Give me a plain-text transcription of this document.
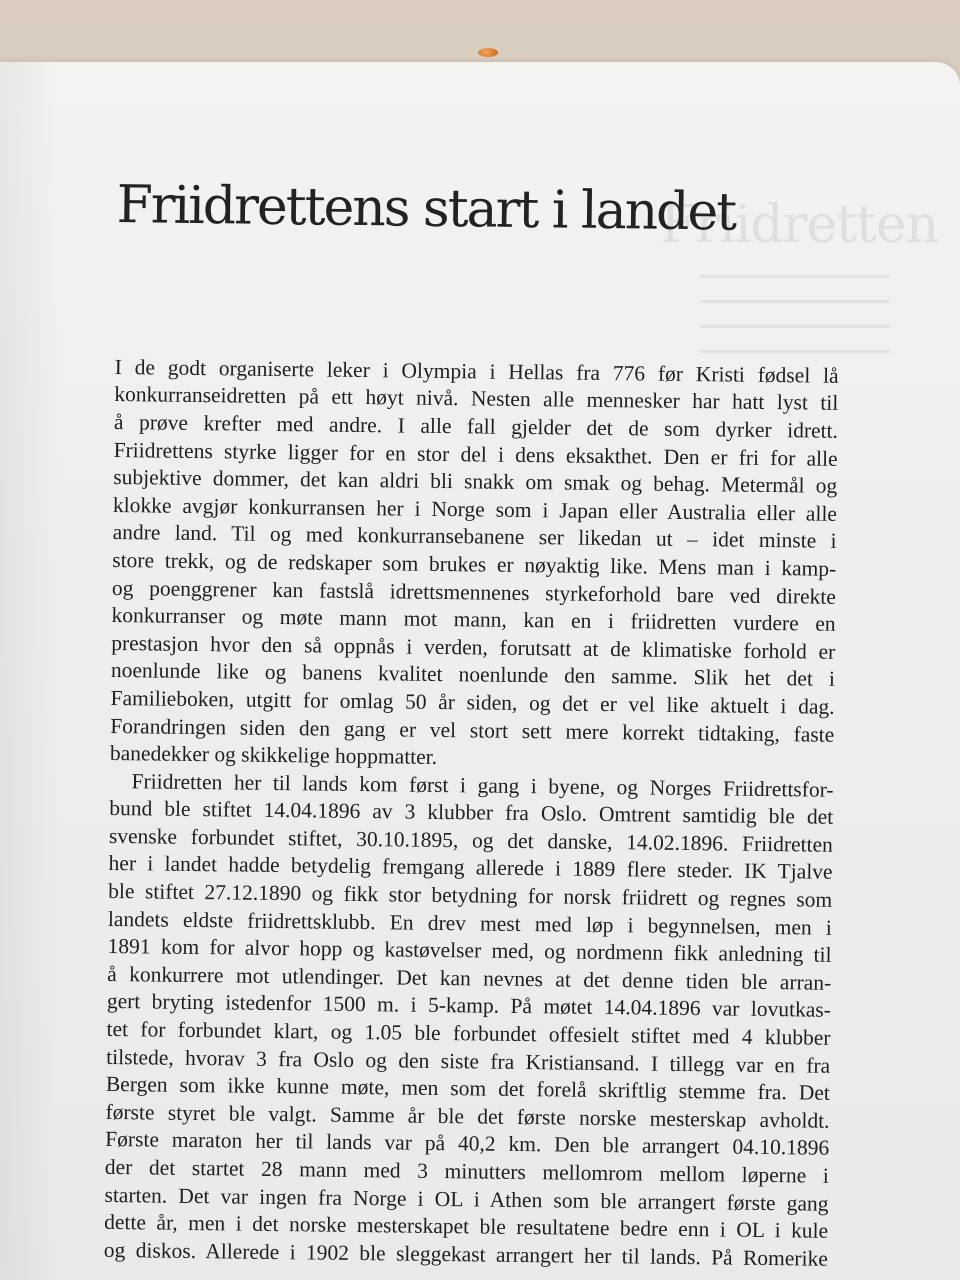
Friidretten
Friidrettens start i landet
I de godt organiserte leker i Olympia i Hellas fra 776 før Kristi fødsel lå
konkurranseidretten på ett høyt nivå. Nesten alle mennesker har hatt lyst til
å prøve krefter med andre. I alle fall gjelder det de som dyrker idrett.
Friidrettens styrke ligger for en stor del i dens eksakthet. Den er fri for alle
subjektive dommer, det kan aldri bli snakk om smak og behag. Metermål og
klokke avgjør konkurransen her i Norge som i Japan eller Australia eller alle
andre land. Til og med konkurransebanene ser likedan ut – idet minste i
store trekk, og de redskaper som brukes er nøyaktig like. Mens man i kamp-
og poenggrener kan fastslå idrettsmennenes styrkeforhold bare ved direkte
konkurranser og møte mann mot mann, kan en i friidretten vurdere en
prestasjon hvor den så oppnås i verden, forutsatt at de klimatiske forhold er
noenlunde like og banens kvalitet noenlunde den samme. Slik het det i
Familieboken, utgitt for omlag 50 år siden, og det er vel like aktuelt i dag.
Forandringen siden den gang er vel stort sett mere korrekt tidtaking, faste
banedekker og skikkelige hoppmatter.
Friidretten her til lands kom først i gang i byene, og Norges Friidrettsfor-
bund ble stiftet 14.04.1896 av 3 klubber fra Oslo. Omtrent samtidig ble det
svenske forbundet stiftet, 30.10.1895, og det danske, 14.02.1896. Friidretten
her i landet hadde betydelig fremgang allerede i 1889 flere steder. IK Tjalve
ble stiftet 27.12.1890 og fikk stor betydning for norsk friidrett og regnes som
landets eldste friidrettsklubb. En drev mest med løp i begynnelsen, men i
1891 kom for alvor hopp og kastøvelser med, og nordmenn fikk anledning til
å konkurrere mot utlendinger. Det kan nevnes at det denne tiden ble arran-
gert bryting istedenfor 1500 m. i 5-kamp. På møtet 14.04.1896 var lovutkas-
tet for forbundet klart, og 1.05 ble forbundet offesielt stiftet med 4 klubber
tilstede, hvorav 3 fra Oslo og den siste fra Kristiansand. I tillegg var en fra
Bergen som ikke kunne møte, men som det forelå skriftlig stemme fra. Det
første styret ble valgt. Samme år ble det første norske mesterskap avholdt.
Første maraton her til lands var på 40,2 km. Den ble arrangert 04.10.1896
der det startet 28 mann med 3 minutters mellomrom mellom løperne i
starten. Det var ingen fra Norge i OL i Athen som ble arrangert første gang
dette år, men i det norske mesterskapet ble resultatene bedre enn i OL i kule
og diskos. Allerede i 1902 ble sleggekast arrangert her til lands. På Romerike
